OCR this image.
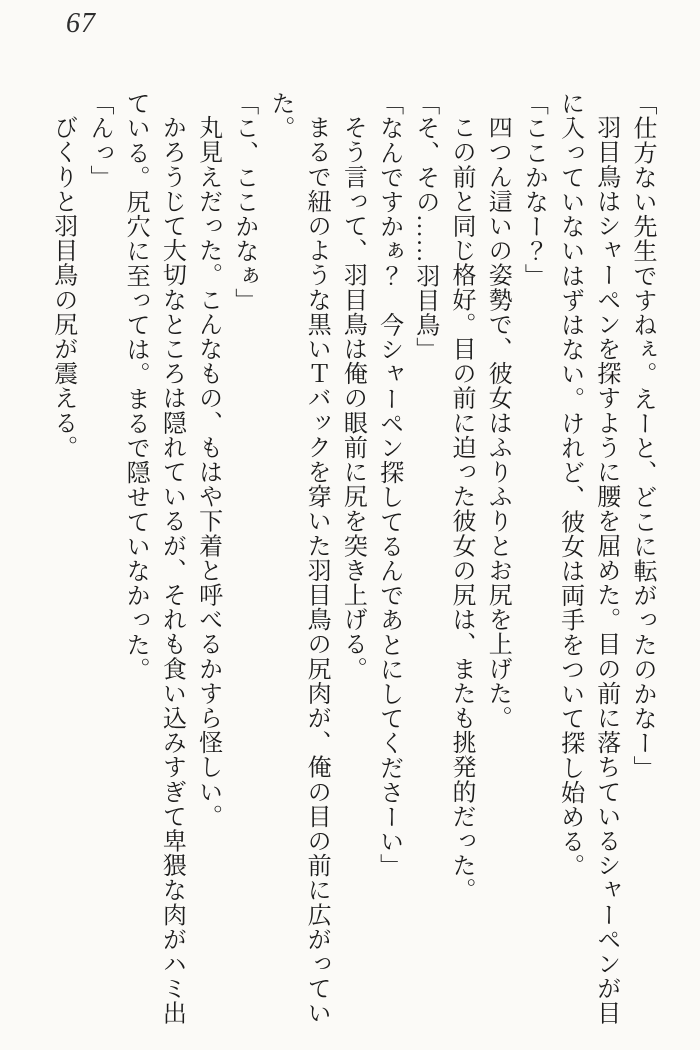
67

「仕方ない先生ですねぇ。えーと、どこに転がったのかなー」

羽目鳥はシャーペンを探すように腰を屈めた。目の前に落ちているシャーペンが目に入っていないはずはない。けれど、彼女は両手をついて探し始める。

「ここかなー？」

四つん這いの姿勢で、彼女はふりふりとお尻を上げた。

この前と同じ格好。目の前に迫った彼女の尻は、またも挑発的だった。

「そ、その……羽目鳥」

「なんですかぁ？　今シャーペン探してるんであとにしてくださーい」

そう言って、羽目鳥は俺の眼前に尻を突き上げる。

まるで紐のような黒いＴバックを穿いた羽目鳥の尻肉が、俺の目の前に広がっていた。

「こ、ここかなぁ」

丸見えだった。こんなもの、もはや下着と呼べるかすら怪しい。

かろうじて大切なところは隠れているが、それも食い込みすぎて卑猥な肉がハミ出ている。尻穴に至っては。まるで隠せていなかった。

「んっ」

びくりと羽目鳥の尻が震える。
